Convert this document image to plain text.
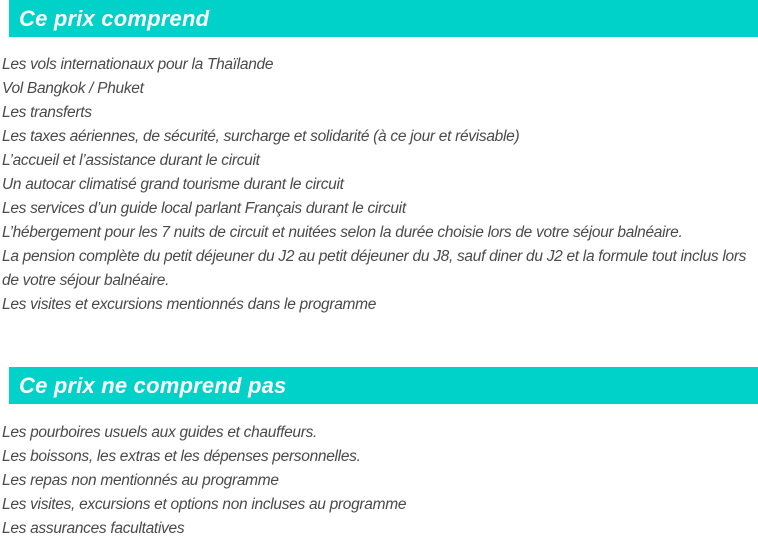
Ce prix comprend

Les vols internationaux pour la Thaïlande

Vol Bangkok / Phuket

Les transferts

Les taxes aériennes, de sécurité, surcharge et solidarité (à ce jour et révisable)

L’accueil et l’assistance durant le circuit

Un autocar climatisé grand tourisme durant le circuit

Les services d’un guide local parlant Français durant le circuit

L’hébergement pour les 7 nuits de circuit et nuitées selon la durée choisie lors de votre séjour balnéaire.

La pension complète du petit déjeuner du J2 au petit déjeuner du J8, sauf diner du J2 et la formule tout inclus lors de votre séjour balnéaire.

Les visites et excursions mentionnés dans le programme

Ce prix ne comprend pas

Les pourboires usuels aux guides et chauffeurs.

Les boissons, les extras et les dépenses personnelles.

Les repas non mentionnés au programme

Les visites, excursions et options non incluses au programme

Les assurances facultatives
